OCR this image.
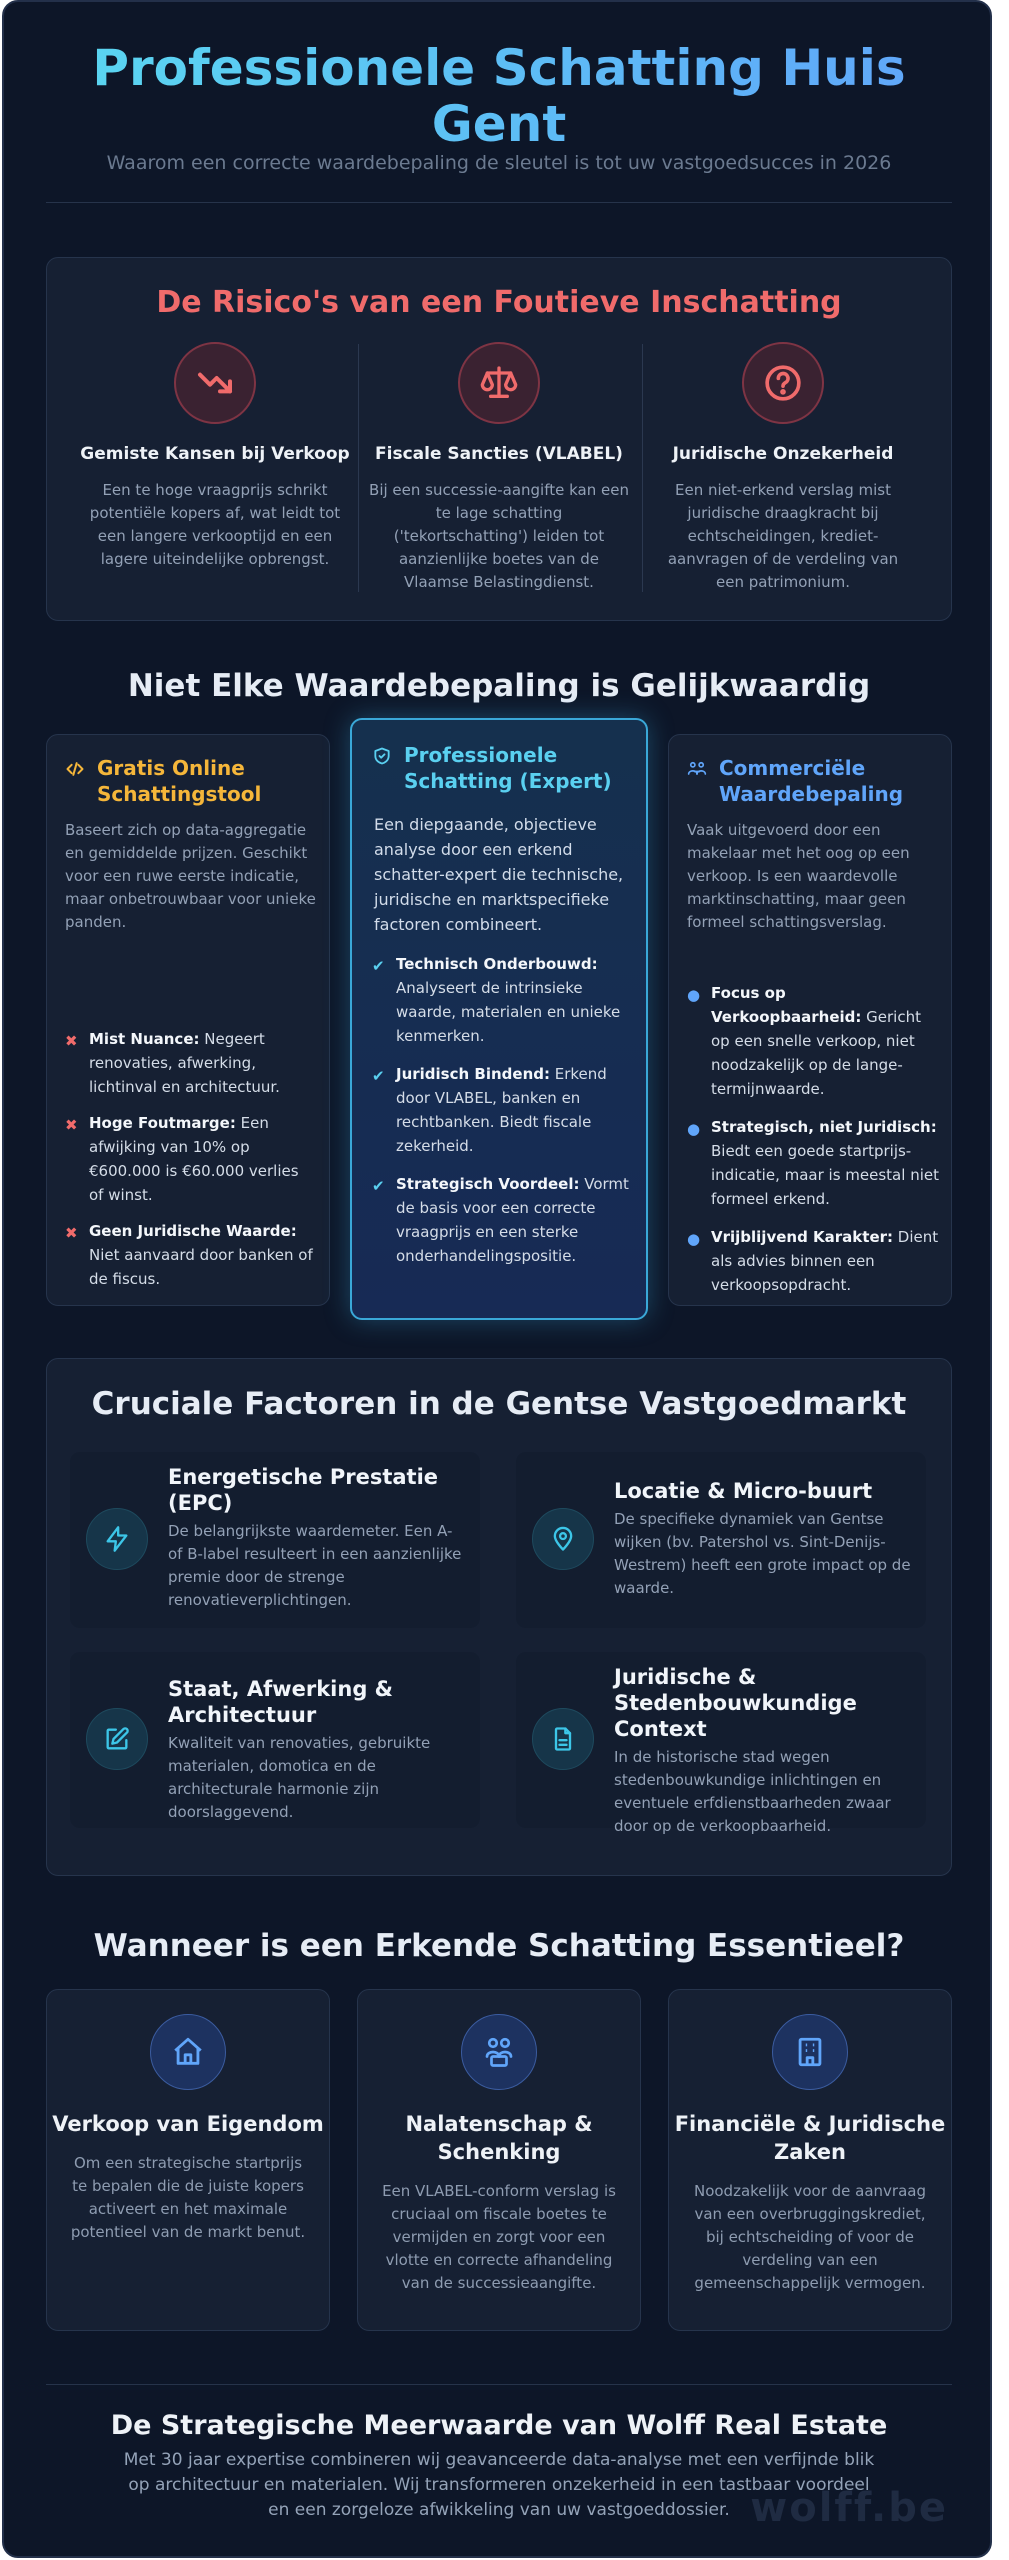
Professionele Schatting Huis Gent
Waarom een correcte waardebepaling de sleutel is tot uw vastgoedsucces in 2026
De Risico's van een Foutieve Inschatting
Gemiste Kansen bij Verkoop
Een te hoge vraagprijs schrikt potentiële kopers af, wat leidt tot een langere verkooptijd en een lagere uiteindelijke opbrengst.
Fiscale Sancties (VLABEL)
Bij een successie-aangifte kan een te lage schatting ('tekortschatting') leiden tot aanzienlijke boetes van de Vlaamse Belastingdienst.
Juridische Onzekerheid
Een niet-erkend verslag mist juridische draagkracht bij echtscheidingen, krediet-aanvragen of de verdeling van een patrimonium.
Niet Elke Waardebepaling is Gelijkwaardig
Gratis Online Schattingstool
Baseert zich op data-aggregatie en gemiddelde prijzen. Geschikt voor een ruwe eerste indicatie, maar onbetrouwbaar voor unieke panden.
✖ Mist Nuance: Negeert renovaties, afwerking, lichtinval en architectuur.
✖ Hoge Foutmarge: Een afwijking van 10% op €600.000 is €60.000 verlies of winst.
✖ Geen Juridische Waarde: Niet aanvaard door banken of de fiscus.
Professionele Schatting (Expert)
Een diepgaande, objectieve analyse door een erkend schatter-expert die technische, juridische en marktspecifieke factoren combineert.
✔ Technisch Onderbouwd: Analyseert de intrinsieke waarde, materialen en unieke kenmerken.
✔ Juridisch Bindend: Erkend door VLABEL, banken en rechtbanken. Biedt fiscale zekerheid.
✔ Strategisch Voordeel: Vormt de basis voor een correcte vraagprijs en een sterke onderhandelingspositie.
Commerciële Waardebepaling
Vaak uitgevoerd door een makelaar met het oog op een verkoop. Is een waardevolle marktinschatting, maar geen formeel schattingsverslag.
● Focus op Verkoopbaarheid: Gericht op een snelle verkoop, niet noodzakelijk op de lange-termijnwaarde.
● Strategisch, niet Juridisch: Biedt een goede startprijs-indicatie, maar is meestal niet formeel erkend.
● Vrijblijvend Karakter: Dient als advies binnen een verkoopsopdracht.
Cruciale Factoren in de Gentse Vastgoedmarkt
Energetische Prestatie (EPC)
De belangrijkste waardemeter. Een A- of B-label resulteert in een aanzienlijke premie door de strenge renovatieverplichtingen.
Locatie & Micro-buurt
De specifieke dynamiek van Gentse wijken (bv. Patershol vs. Sint-Denijs-Westrem) heeft een grote impact op de waarde.
Staat, Afwerking & Architectuur
Kwaliteit van renovaties, gebruikte materialen, domotica en de architecturale harmonie zijn doorslaggevend.
Juridische & Stedenbouwkundige Context
In de historische stad wegen stedenbouwkundige inlichtingen en eventuele erfdienstbaarheden zwaar door op de verkoopbaarheid.
Wanneer is een Erkende Schatting Essentieel?
Verkoop van Eigendom
Om een strategische startprijs te bepalen die de juiste kopers activeert en het maximale potentieel van de markt benut.
Nalatenschap & Schenking
Een VLABEL-conform verslag is cruciaal om fiscale boetes te vermijden en zorgt voor een vlotte en correcte afhandeling van de successieaangifte.
Financiële & Juridische Zaken
Noodzakelijk voor de aanvraag van een overbruggingskrediet, bij echtscheiding of voor de verdeling van een gemeenschappelijk vermogen.
De Strategische Meerwaarde van Wolff Real Estate
wolff.be

Met 30 jaar expertise combineren wij geavanceerde data-analyse met een verfijnde blik op architectuur en materialen. Wij transformeren onzekerheid in een tastbaar voordeel en een zorgeloze afwikkeling van uw vastgoeddossier.
